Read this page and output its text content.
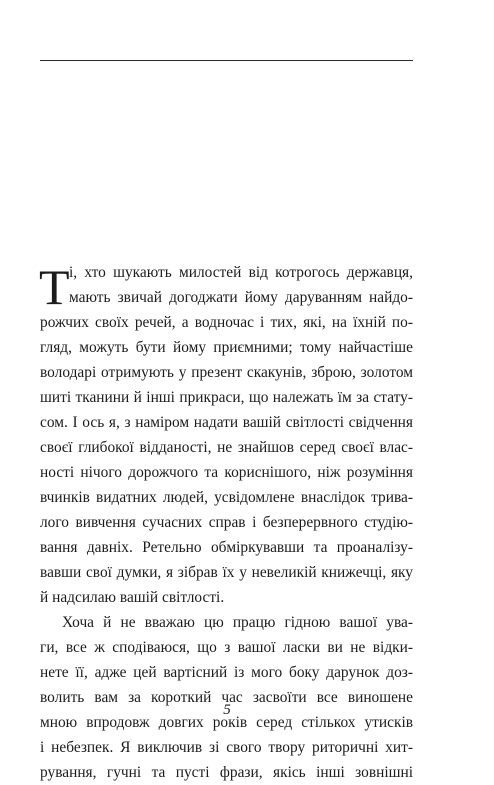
Т і, хто шукають милостей від котрогось державця,
мають звичай догоджати йому даруванням найдо-
рожчих своїх речей, а водночас і тих, які, на їхній по-
гляд, можуть бути йому приємними; тому найчастіше
володарі отримують у презент скакунів, зброю, золотом
шиті тканини й інші прикраси, що належать їм за стату-
сом. І ось я, з наміром надати вашій світлості свідчення
своєї глибокої відданості, не знайшов серед своєї влас-
ності нічого дорожчого та кориснішого, ніж розуміння
вчинків видатних людей, усвідомлене внаслідок трива-
лого вивчення сучасних справ і безперервного студію-
вання давніх. Ретельно обміркувавши та проаналізу-
вавши свої думки, я зібрав їх у невеликій книжечці, яку
й надсилаю вашій світлості.
Хоча й не вважаю цю працю гідною вашої ува-
ги, все ж сподіваюся, що з вашої ласки ви не відки-
нете її, адже цей вартісний із мого боку дарунок доз-
волить вам за короткий час засвоїти все виношене
мною впродовж довгих років серед стількох утисків
і небезпек. Я виключив зі свого твору риторичні хит-
рування, гучні та пусті фрази, якісь інші зовнішні
5
